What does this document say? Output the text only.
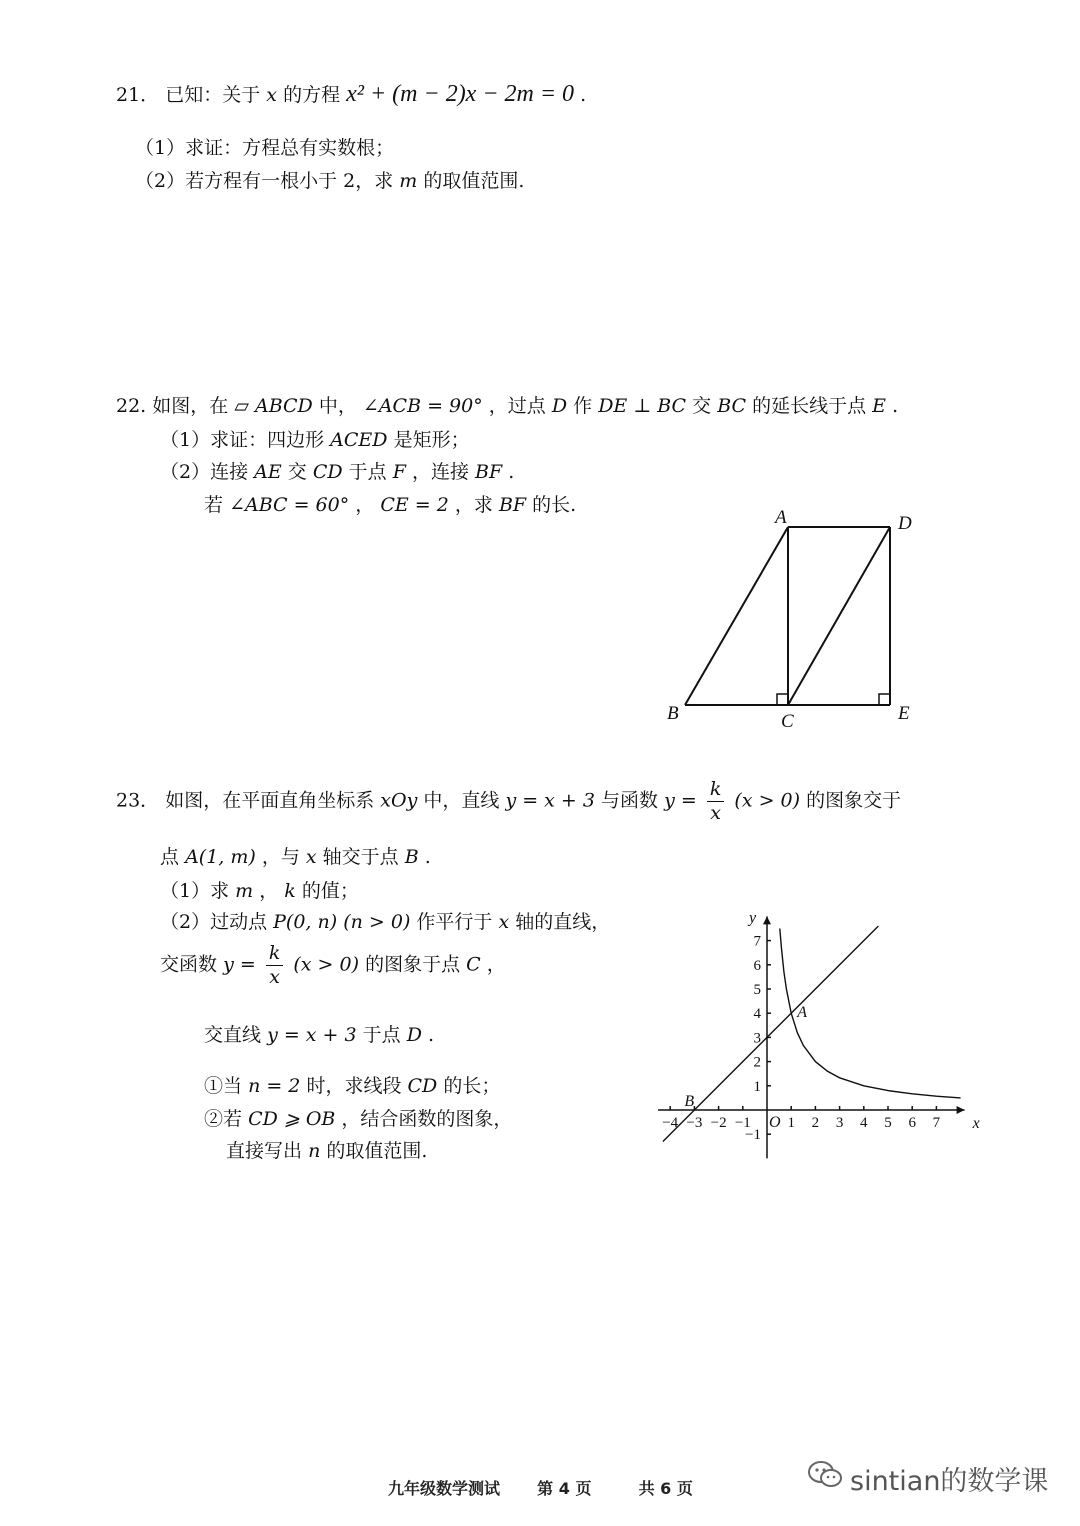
21． 已知：关于 x 的方程 x² + (m − 2)x − 2m = 0 .
（1）求证：方程总有实数根；
（2）若方程有一根小于 2，求 m 的取值范围.
22. 如图，在 ▱ ABCD 中， ∠ACB = 90° ，过点 D 作 DE ⊥ BC 交 BC 的延长线于点 E .
（1）求证：四边形 ACED 是矩形；
（2）连接 AE 交 CD 于点 F ，连接 BF .
若 ∠ABC = 60° ， CE = 2 ，求 BF 的长.
A	D
B	C	E
23． 如图，在平面直角坐标系 xOy 中，直线 y = x + 3 与函数 $y = \frac{k}{x} (x > 0)$ 的图象交于
点 A(1, m) ，与 x 轴交于点 B .
（1）求 m ， k 的值；
（2）过动点 P(0, n) (n > 0) 作平行于 x 轴的直线，
交函数 $y = \frac{k}{x} (x > 0)$ 的图象于点 C ，
交直线 y = x + 3 于点 D .
①当 n = 2 时，求线段 CD 的长；
②若 CD ⩾ OB ，结合函数的图象，
直接写出 n 的取值范围.
−4 −3 −2 −1 1 2 3 4 5 6 7
7
6
5
4
3
2
1
−1
x
y
O
A
B
九年级数学测试 第 4 页	共 6 页	sintian的数学课
